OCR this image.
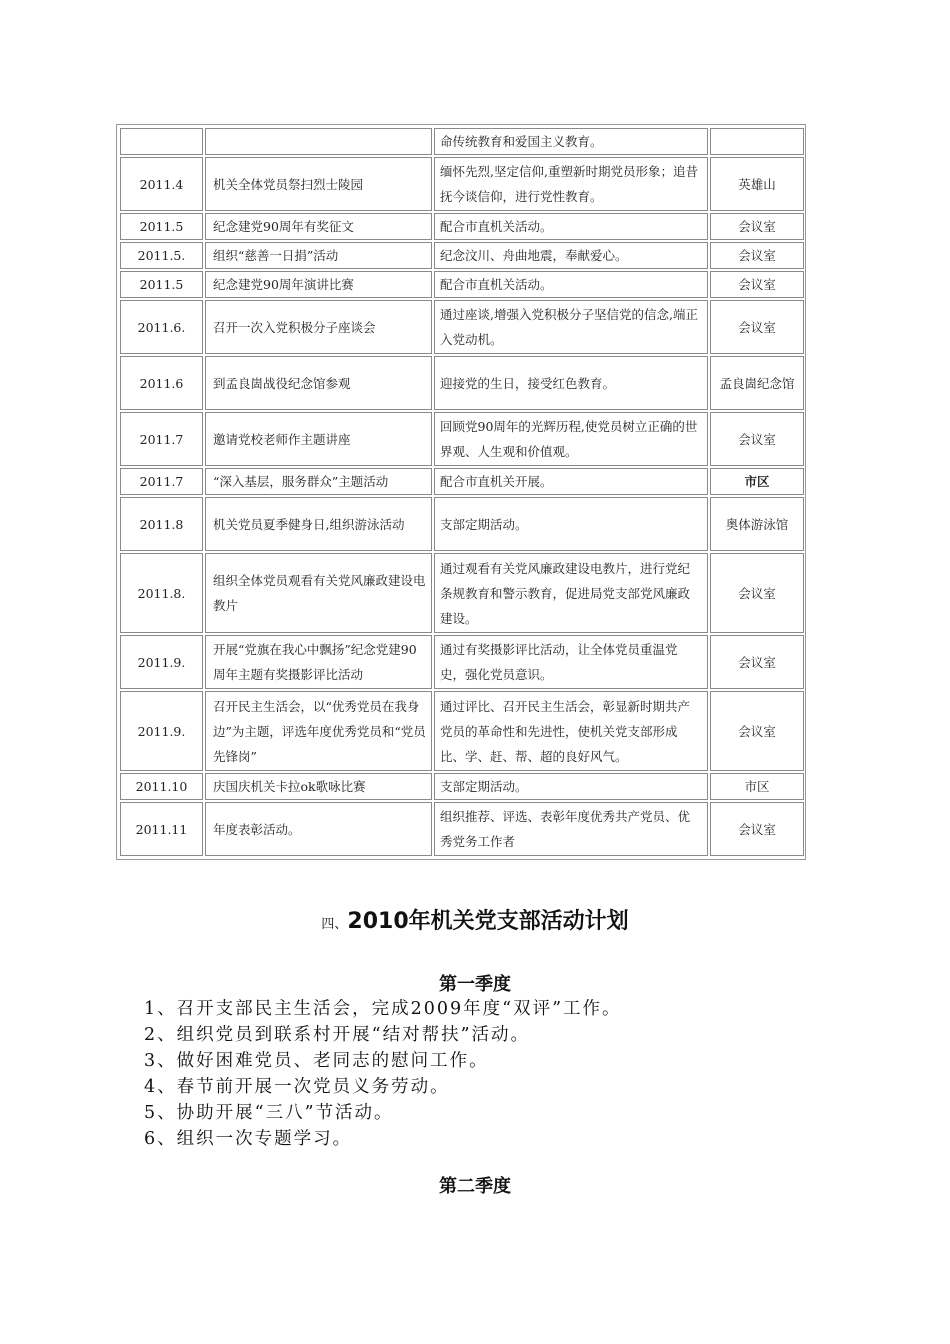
		命传统教育和爱国主义教育。	
2011.4	机关全体党员祭扫烈士陵园	缅怀先烈,坚定信仰,重塑新时期党员形象；追昔抚今谈信仰，进行党性教育。	英雄山
2011.5	纪念建党90周年有奖征文	配合市直机关活动。	会议室
2011.5.	组织“慈善一日捐”活动	纪念汶川、舟曲地震，奉献爱心。	会议室
2011.5	纪念建党90周年演讲比赛	配合市直机关活动。	会议室
2011.6.	召开一次入党积极分子座谈会	通过座谈,增强入党积极分子坚信党的信念,端正入党动机。	会议室
2011.6	到孟良崮战役纪念馆参观	迎接党的生日，接受红色教育。	孟良崮纪念馆
2011.7	邀请党校老师作主题讲座	回顾党90周年的光辉历程,使党员树立正确的世界观、人生观和价值观。	会议室
2011.7	“深入基层，服务群众”主题活动	配合市直机关开展。	市区
2011.8	机关党员夏季健身日,组织游泳活动	支部定期活动。	奥体游泳馆
2011.8.	组织全体党员观看有关党风廉政建设电教片	通过观看有关党风廉政建设电教片，进行党纪条规教育和警示教育，促进局党支部党风廉政建设。	会议室
2011.9.	开展“党旗在我心中飘扬”纪念党建90周年主题有奖摄影评比活动	通过有奖摄影评比活动，让全体党员重温党史，强化党员意识。	会议室
2011.9.	召开民主生活会，以“优秀党员在我身边”为主题，评选年度优秀党员和“党员先锋岗”	通过评比、召开民主生活会，彰显新时期共产党员的革命性和先进性，使机关党支部形成比、学、赶、帮、超的良好风气。	会议室
2011.10	庆国庆机关卡拉ok歌咏比赛	支部定期活动。	市区
2011.11	年度表彰活动。	组织推荐、评选、表彰年度优秀共产党员、优秀党务工作者	会议室
四、2010年机关党支部活动计划
第一季度
1、召开支部民主生活会，完成2009年度“双评”工作。
2、组织党员到联系村开展“结对帮扶”活动。
3、做好困难党员、老同志的慰问工作。
4、春节前开展一次党员义务劳动。
5、协助开展“三八”节活动。
6、组织一次专题学习。
第二季度
